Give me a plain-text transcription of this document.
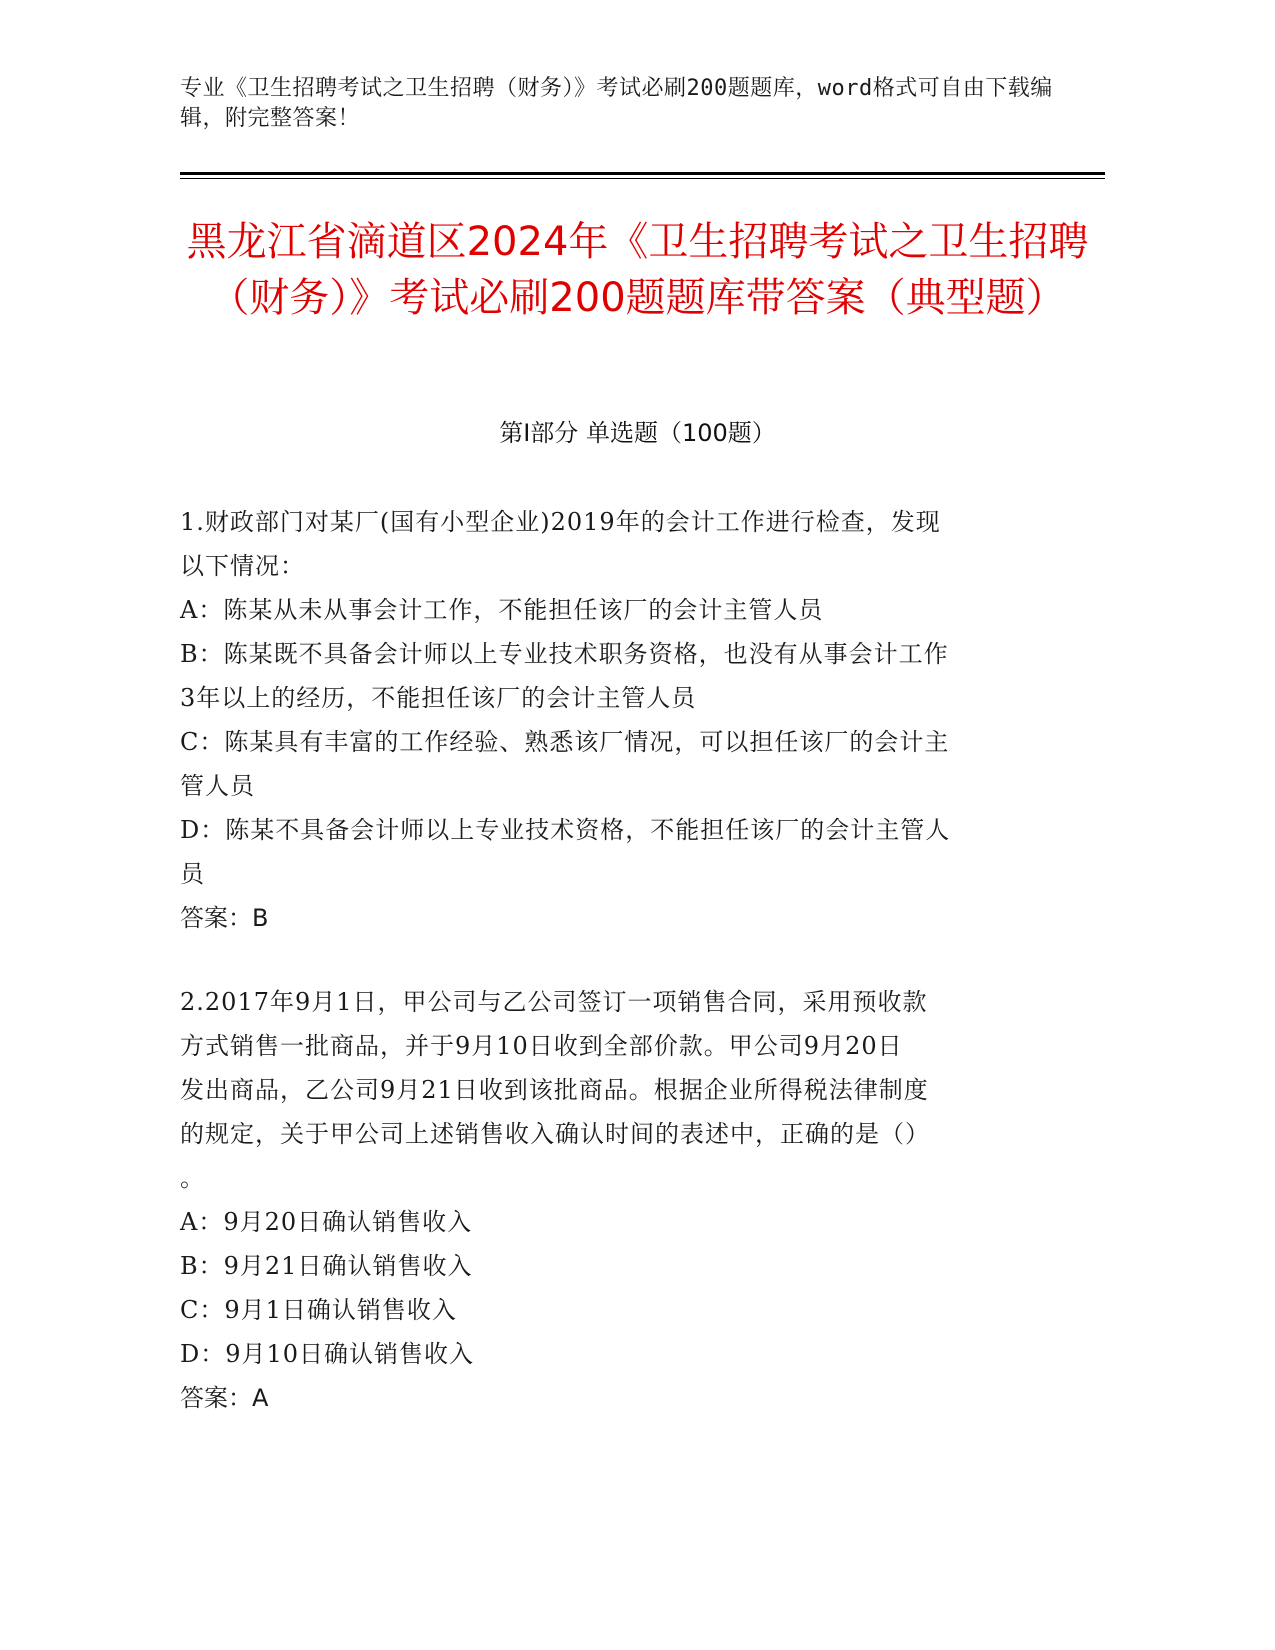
专业《卫生招聘考试之卫生招聘（财务）》考试必刷200题题库，word格式可自由下载编辑，附完整答案！
黑龙江省滴道区2024年《卫生招聘考试之卫生招聘（财务）》考试必刷200题题库带答案（典型题）
第Ⅰ部分 单选题（100题）
1.财政部门对某厂(国有小型企业)2019年的会计工作进行检查，发现
以下情况：
A：陈某从未从事会计工作，不能担任该厂的会计主管人员
B：陈某既不具备会计师以上专业技术职务资格，也没有从事会计工作
3年以上的经历，不能担任该厂的会计主管人员
C：陈某具有丰富的工作经验、熟悉该厂情况，可以担任该厂的会计主
管人员
D：陈某不具备会计师以上专业技术资格，不能担任该厂的会计主管人
员
答案：B
2.2017年9月1日，甲公司与乙公司签订一项销售合同，采用预收款
方式销售一批商品，并于9月10日收到全部价款。甲公司9月20日
发出商品，乙公司9月21日收到该批商品。根据企业所得税法律制度
的规定，关于甲公司上述销售收入确认时间的表述中，正确的是（）
。
A：9月20日确认销售收入
B：9月21日确认销售收入
C：9月1日确认销售收入
D：9月10日确认销售收入
答案：A
